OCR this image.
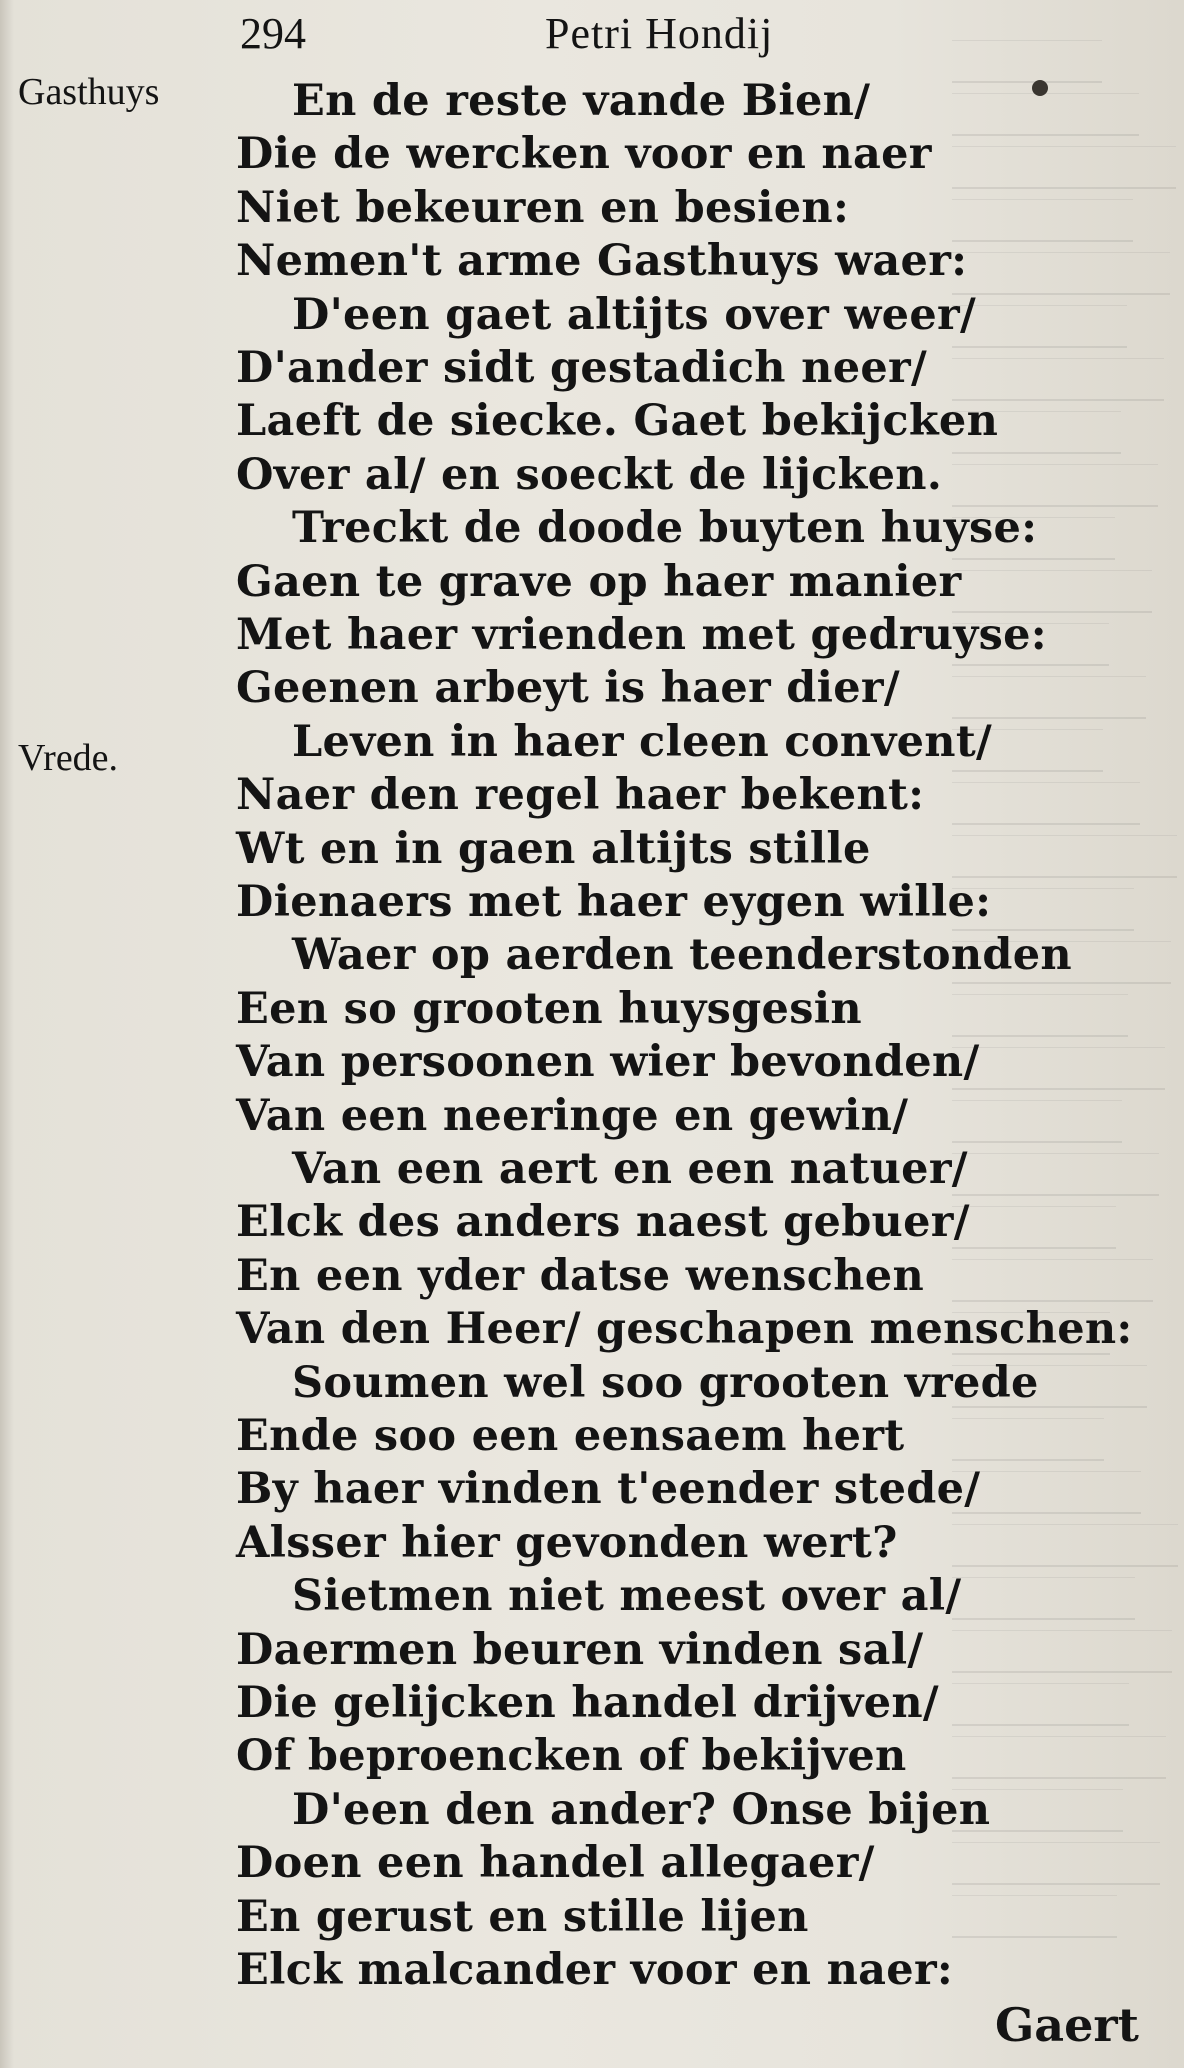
294	Petri Hondij
Gasthuys
Vrede.
En de reste vande Bien/
Die de wercken voor en naer
Niet bekeuren en besien:
Nemen't arme Gasthuys waer:
D'een gaet altijts over weer/
D'ander sidt gestadich neer/
Laeft de siecke. Gaet bekijcken
Over al/ en soeckt de lijcken.
Treckt de doode buyten huyse:
Gaen te grave op haer manier
Met haer vrienden met gedruyse:
Geenen arbeyt is haer dier/
Leven in haer cleen convent/
Naer den regel haer bekent:
Wt en in gaen altijts stille
Dienaers met haer eygen wille:
Waer op aerden teenderstonden
Een so grooten huysgesin
Van persoonen wier bevonden/
Van een neeringe en gewin/
Van een aert en een natuer/
Elck des anders naest gebuer/
En een yder datse wenschen
Van den Heer/ geschapen menschen:
Soumen wel soo grooten vrede
Ende soo een eensaem hert
By haer vinden t'eender stede/
Alsser hier gevonden wert?
Sietmen niet meest over al/
Daermen beuren vinden sal/
Die gelijcken handel drijven/
Of beproencken of bekijven
D'een den ander? Onse bijen
Doen een handel allegaer/
En gerust en stille lijen
Elck malcander voor en naer:
Gaert
